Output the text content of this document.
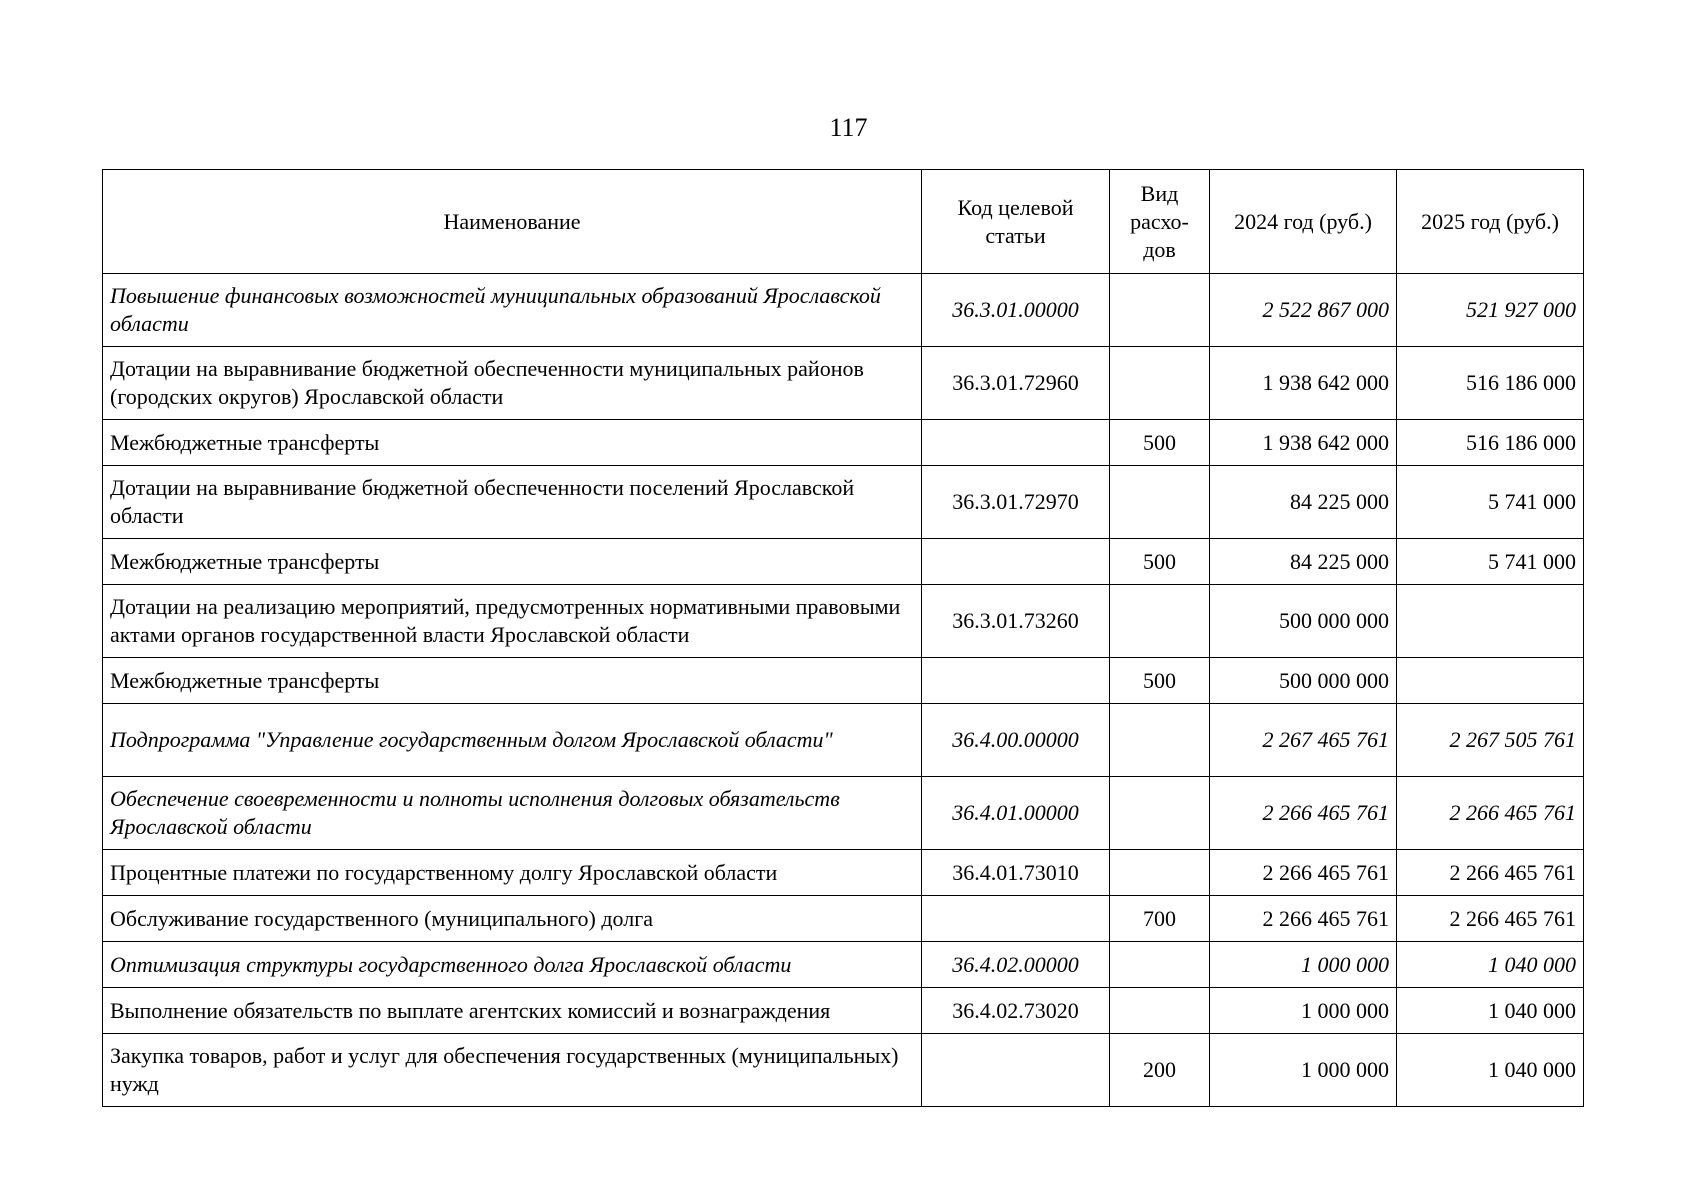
117
Наименование	Код целевой статьи	Вид расхо-дов	2024 год (руб.)	2025 год (руб.)
Повышение финансовых возможностей муниципальных образований Ярославской области	36.3.01.00000		2 522 867 000	521 927 000
Дотации на выравнивание бюджетной обеспеченности муниципальных районов (городских округов) Ярославской области	36.3.01.72960		1 938 642 000	516 186 000
Межбюджетные трансферты		500	1 938 642 000	516 186 000
Дотации на выравнивание бюджетной обеспеченности поселений Ярославской области	36.3.01.72970		84 225 000	5 741 000
Межбюджетные трансферты		500	84 225 000	5 741 000
Дотации на реализацию мероприятий, предусмотренных нормативными правовыми актами органов государственной власти Ярославской области	36.3.01.73260		500 000 000	
Межбюджетные трансферты		500	500 000 000	
Подпрограмма "Управление государственным долгом Ярославской области"	36.4.00.00000		2 267 465 761	2 267 505 761
Обеспечение своевременности и полноты исполнения долговых обязательств Ярославской области	36.4.01.00000		2 266 465 761	2 266 465 761
Процентные платежи по государственному долгу Ярославской области	36.4.01.73010		2 266 465 761	2 266 465 761
Обслуживание государственного (муниципального) долга		700	2 266 465 761	2 266 465 761
Оптимизация структуры государственного долга Ярославской области	36.4.02.00000		1 000 000	1 040 000
Выполнение обязательств по выплате агентских комиссий и вознаграждения	36.4.02.73020		1 000 000	1 040 000
Закупка товаров, работ и услуг для обеспечения государственных (муниципальных) нужд		200	1 000 000	1 040 000
